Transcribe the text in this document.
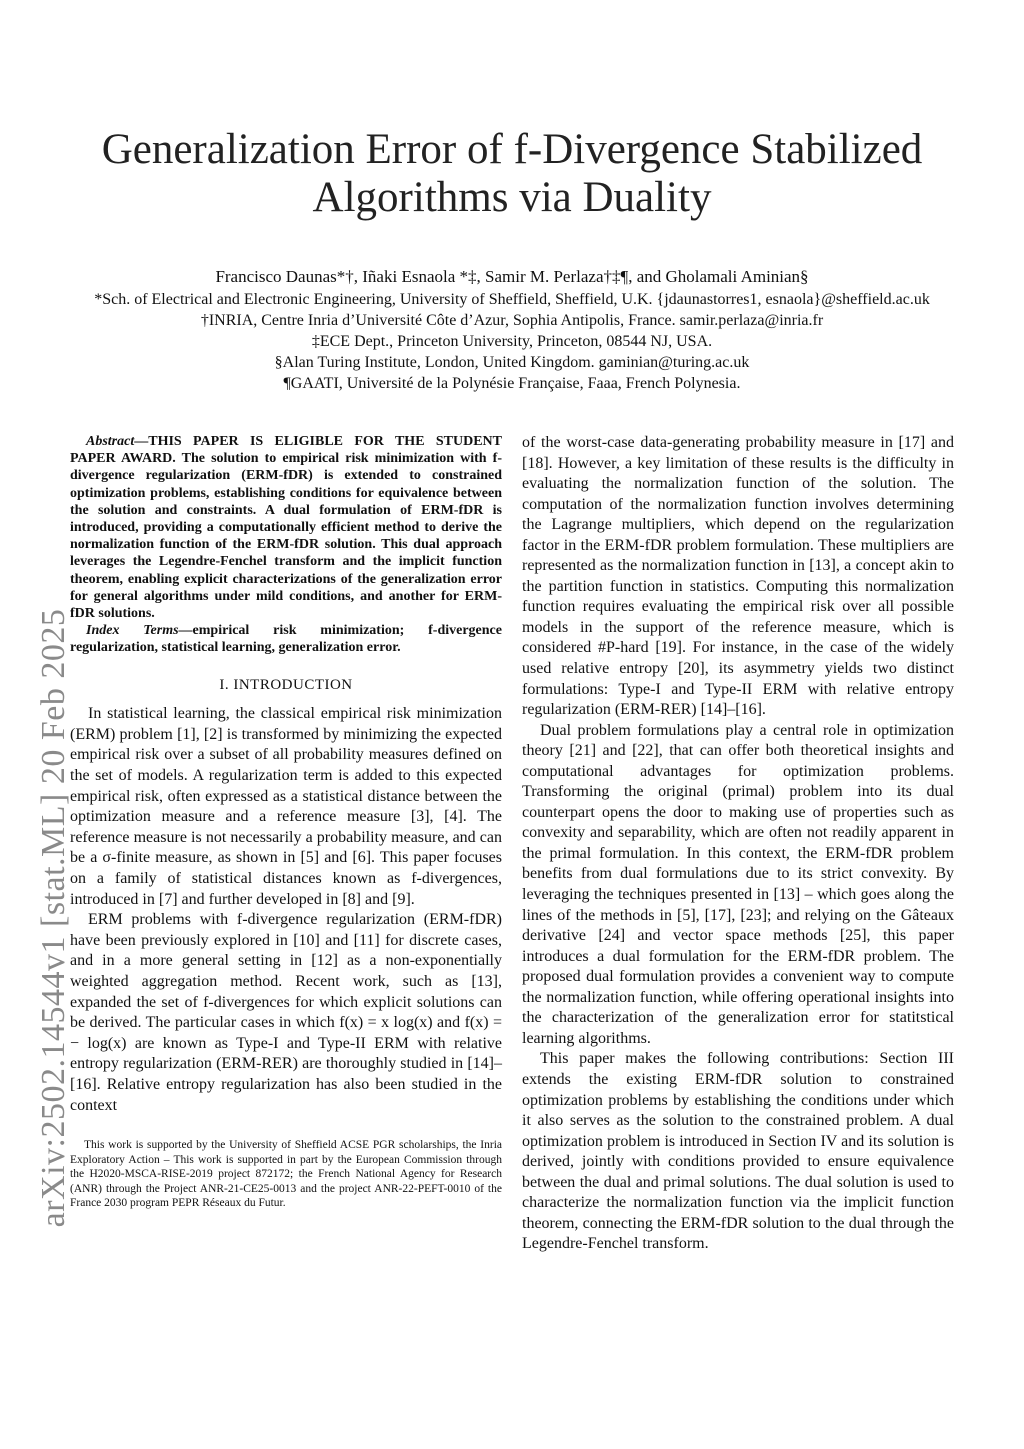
arXiv:2502.14544v1 [stat.ML] 20 Feb 2025
Generalization Error of f-Divergence Stabilized
Algorithms via Duality
Francisco Daunas*†, Iñaki Esnaola *‡, Samir M. Perlaza†‡¶, and Gholamali Aminian§
*Sch. of Electrical and Electronic Engineering, University of Sheffield, Sheffield, U.K. {jdaunastorres1, esnaola}@sheffield.ac.uk
†INRIA, Centre Inria d’Université Côte d’Azur, Sophia Antipolis, France. samir.perlaza@inria.fr
‡ECE Dept., Princeton University, Princeton, 08544 NJ, USA.
§Alan Turing Institute, London, United Kingdom. gaminian@turing.ac.uk
¶GAATI, Université de la Polynésie Française, Faaa, French Polynesia.

Abstract—THIS PAPER IS ELIGIBLE FOR THE STUDENT PAPER AWARD. The solution to empirical risk minimization with f-divergence regularization (ERM-fDR) is extended to constrained optimization problems, establishing conditions for equivalence between the solution and constraints. A dual formulation of ERM-fDR is introduced, providing a computationally efficient method to derive the normalization function of the ERM-fDR solution. This dual approach leverages the Legendre-Fenchel transform and the implicit function theorem, enabling explicit characterizations of the generalization error for general algorithms under mild conditions, and another for ERM-fDR solutions.

Index Terms—empirical risk minimization; f-divergence regularization, statistical learning, generalization error.

I. INTRODUCTION

In statistical learning, the classical empirical risk minimization (ERM) problem [1], [2] is transformed by minimizing the expected empirical risk over a subset of all probability measures defined on the set of models. A regularization term is added to this expected empirical risk, often expressed as a statistical distance between the optimization measure and a reference measure [3], [4]. The reference measure is not necessarily a probability measure, and can be a σ-finite measure, as shown in [5] and [6]. This paper focuses on a family of statistical distances known as f-divergences, introduced in [7] and further developed in [8] and [9].

ERM problems with f-divergence regularization (ERM-fDR) have been previously explored in [10] and [11] for discrete cases, and in a more general setting in [12] as a non-exponentially weighted aggregation method. Recent work, such as [13], expanded the set of f-divergences for which explicit solutions can be derived. The particular cases in which f(x) = x log(x) and f(x) = − log(x) are known as Type-I and Type-II ERM with relative entropy regularization (ERM-RER) are thoroughly studied in [14]–[16]. Relative entropy regularization has also been studied in the context

This work is supported by the University of Sheffield ACSE PGR scholarships, the Inria Exploratory Action – This work is supported in part by the European Commission through the H2020-MSCA-RISE-2019 project 872172; the French National Agency for Research (ANR) through the Project ANR-21-CE25-0013 and the project ANR-22-PEFT-0010 of the France 2030 program PEPR Réseaux du Futur.

of the worst-case data-generating probability measure in [17] and [18]. However, a key limitation of these results is the difficulty in evaluating the normalization function of the solution. The computation of the normalization function involves determining the Lagrange multipliers, which depend on the regularization factor in the ERM-fDR problem formulation. These multipliers are represented as the normalization function in [13], a concept akin to the partition function in statistics. Computing this normalization function requires evaluating the empirical risk over all possible models in the support of the reference measure, which is considered #P-hard [19]. For instance, in the case of the widely used relative entropy [20], its asymmetry yields two distinct formulations: Type-I and Type-II ERM with relative entropy regularization (ERM-RER) [14]–[16].

Dual problem formulations play a central role in optimization theory [21] and [22], that can offer both theoretical insights and computational advantages for optimization problems. Transforming the original (primal) problem into its dual counterpart opens the door to making use of properties such as convexity and separability, which are often not readily apparent in the primal formulation. In this context, the ERM-fDR problem benefits from dual formulations due to its strict convexity. By leveraging the techniques presented in [13] – which goes along the lines of the methods in [5], [17], [23]; and relying on the Gâteaux derivative [24] and vector space methods [25], this paper introduces a dual formulation for the ERM-fDR problem. The proposed dual formulation provides a convenient way to compute the normalization function, while offering operational insights into the characterization of the generalization error for statitstical learning algorithms.

This paper makes the following contributions: Section III extends the existing ERM-fDR solution to constrained optimization problems by establishing the conditions under which it also serves as the solution to the constrained problem. A dual optimization problem is introduced in Section IV and its solution is derived, jointly with conditions provided to ensure equivalence between the dual and primal solutions. The dual solution is used to characterize the normalization function via the implicit function theorem, connecting the ERM-fDR solution to the dual through the Legendre-Fenchel transform.
